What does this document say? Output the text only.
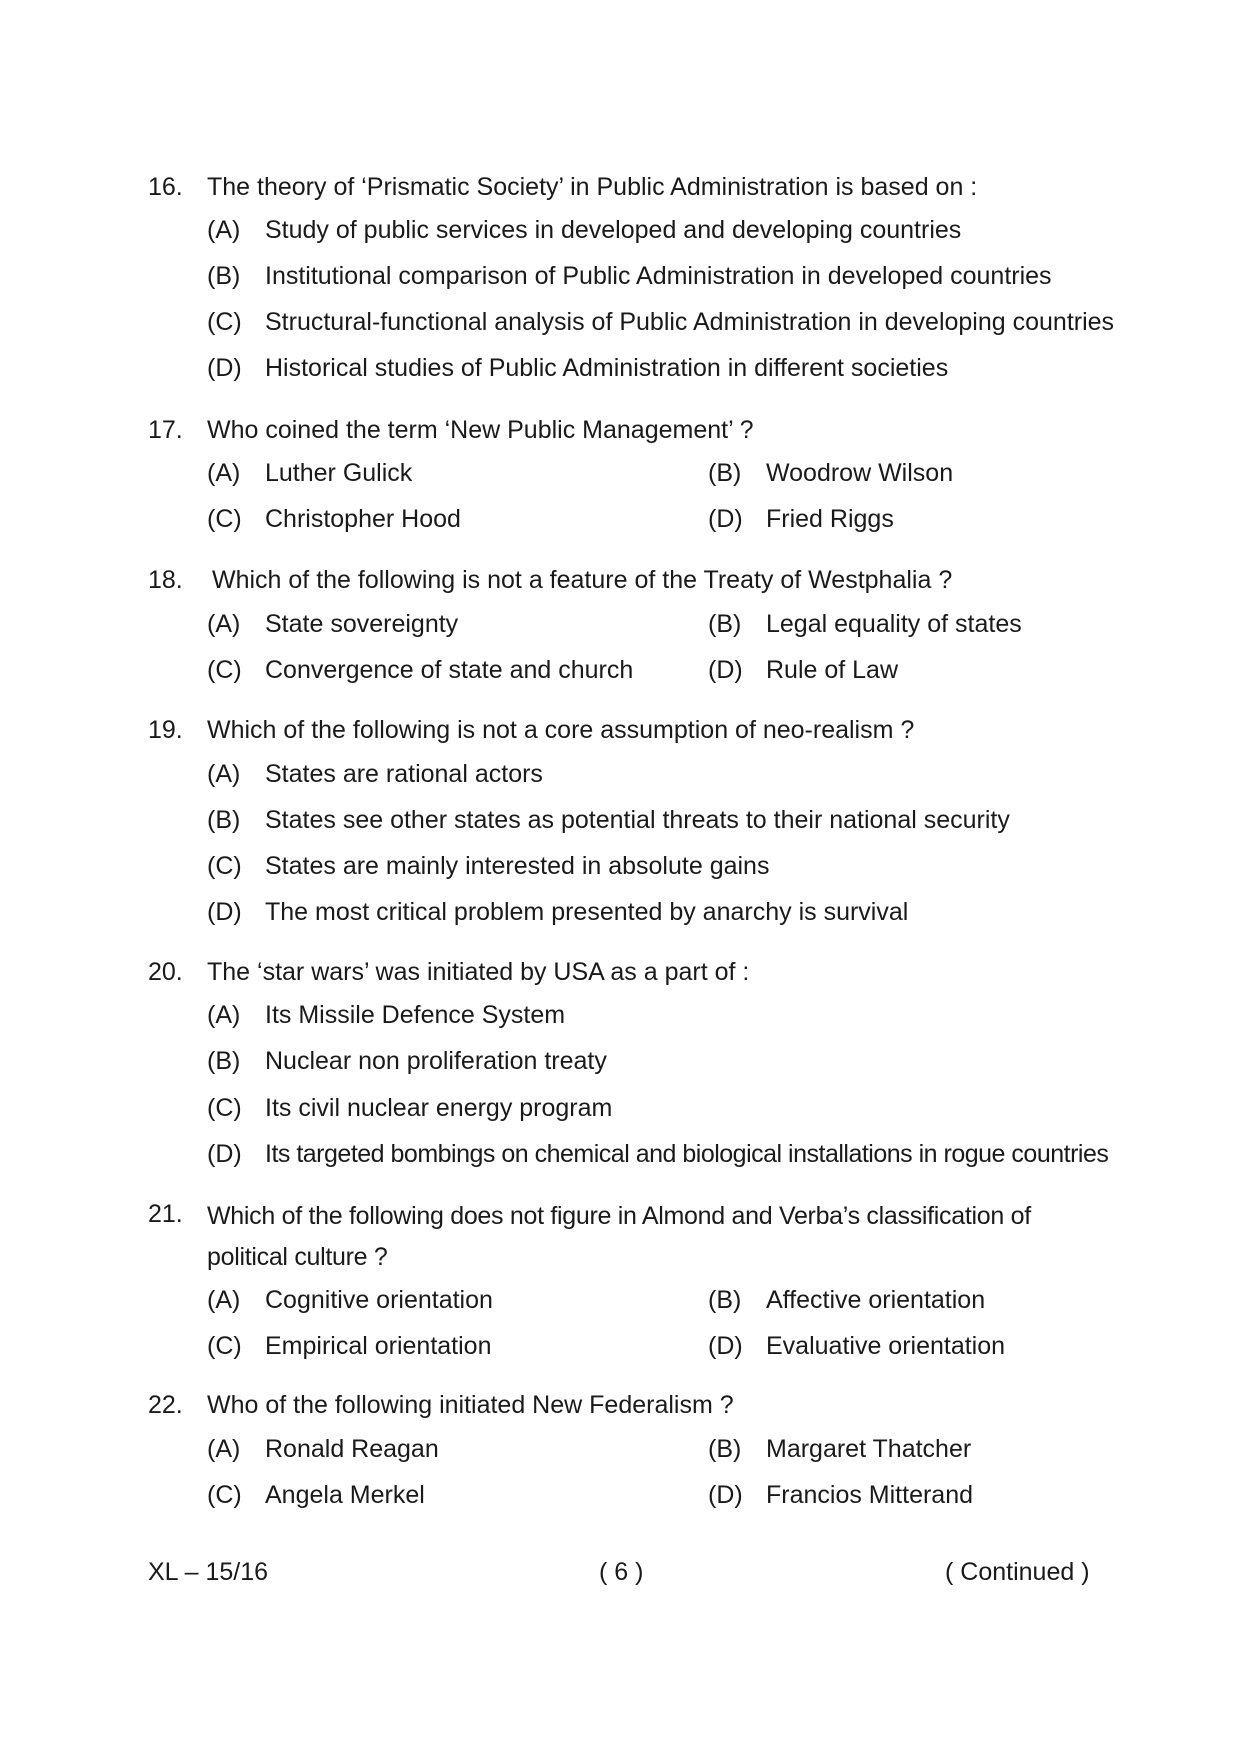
16. The theory of ‘Prismatic Society’ in Public Administration is based on :
(A) Study of public services in developed and developing countries
(B) Institutional comparison of Public Administration in developed countries
(C) Structural-functional analysis of Public Administration in developing countries
(D) Historical studies of Public Administration in different societies
17. Who coined the term ‘New Public Management’ ?
(A) Luther Gulick	(B) Woodrow Wilson
(C) Christopher Hood	(D) Fried Riggs
18. Which of the following is not a feature of the Treaty of Westphalia ?
(A) State sovereignty	(B) Legal equality of states
(C) Convergence of state and church	(D) Rule of Law
19. Which of the following is not a core assumption of neo-realism ?
(A) States are rational actors
(B) States see other states as potential threats to their national security
(C) States are mainly interested in absolute gains
(D) The most critical problem presented by anarchy is survival
20. The ‘star wars’ was initiated by USA as a part of :
(A) Its Missile Defence System
(B) Nuclear non proliferation treaty
(C) Its civil nuclear energy program
(D) Its targeted bombings on chemical and biological installations in rogue countries
21. Which of the following does not figure in Almond and Verba’s classification of political culture ?
(A) Cognitive orientation	(B) Affective orientation
(C) Empirical orientation	(D) Evaluative orientation
22. Who of the following initiated New Federalism ?
(A) Ronald Reagan	(B) Margaret Thatcher
(C) Angela Merkel	(D) Francios Mitterand
XL – 15/16	( 6 )	( Continued )
